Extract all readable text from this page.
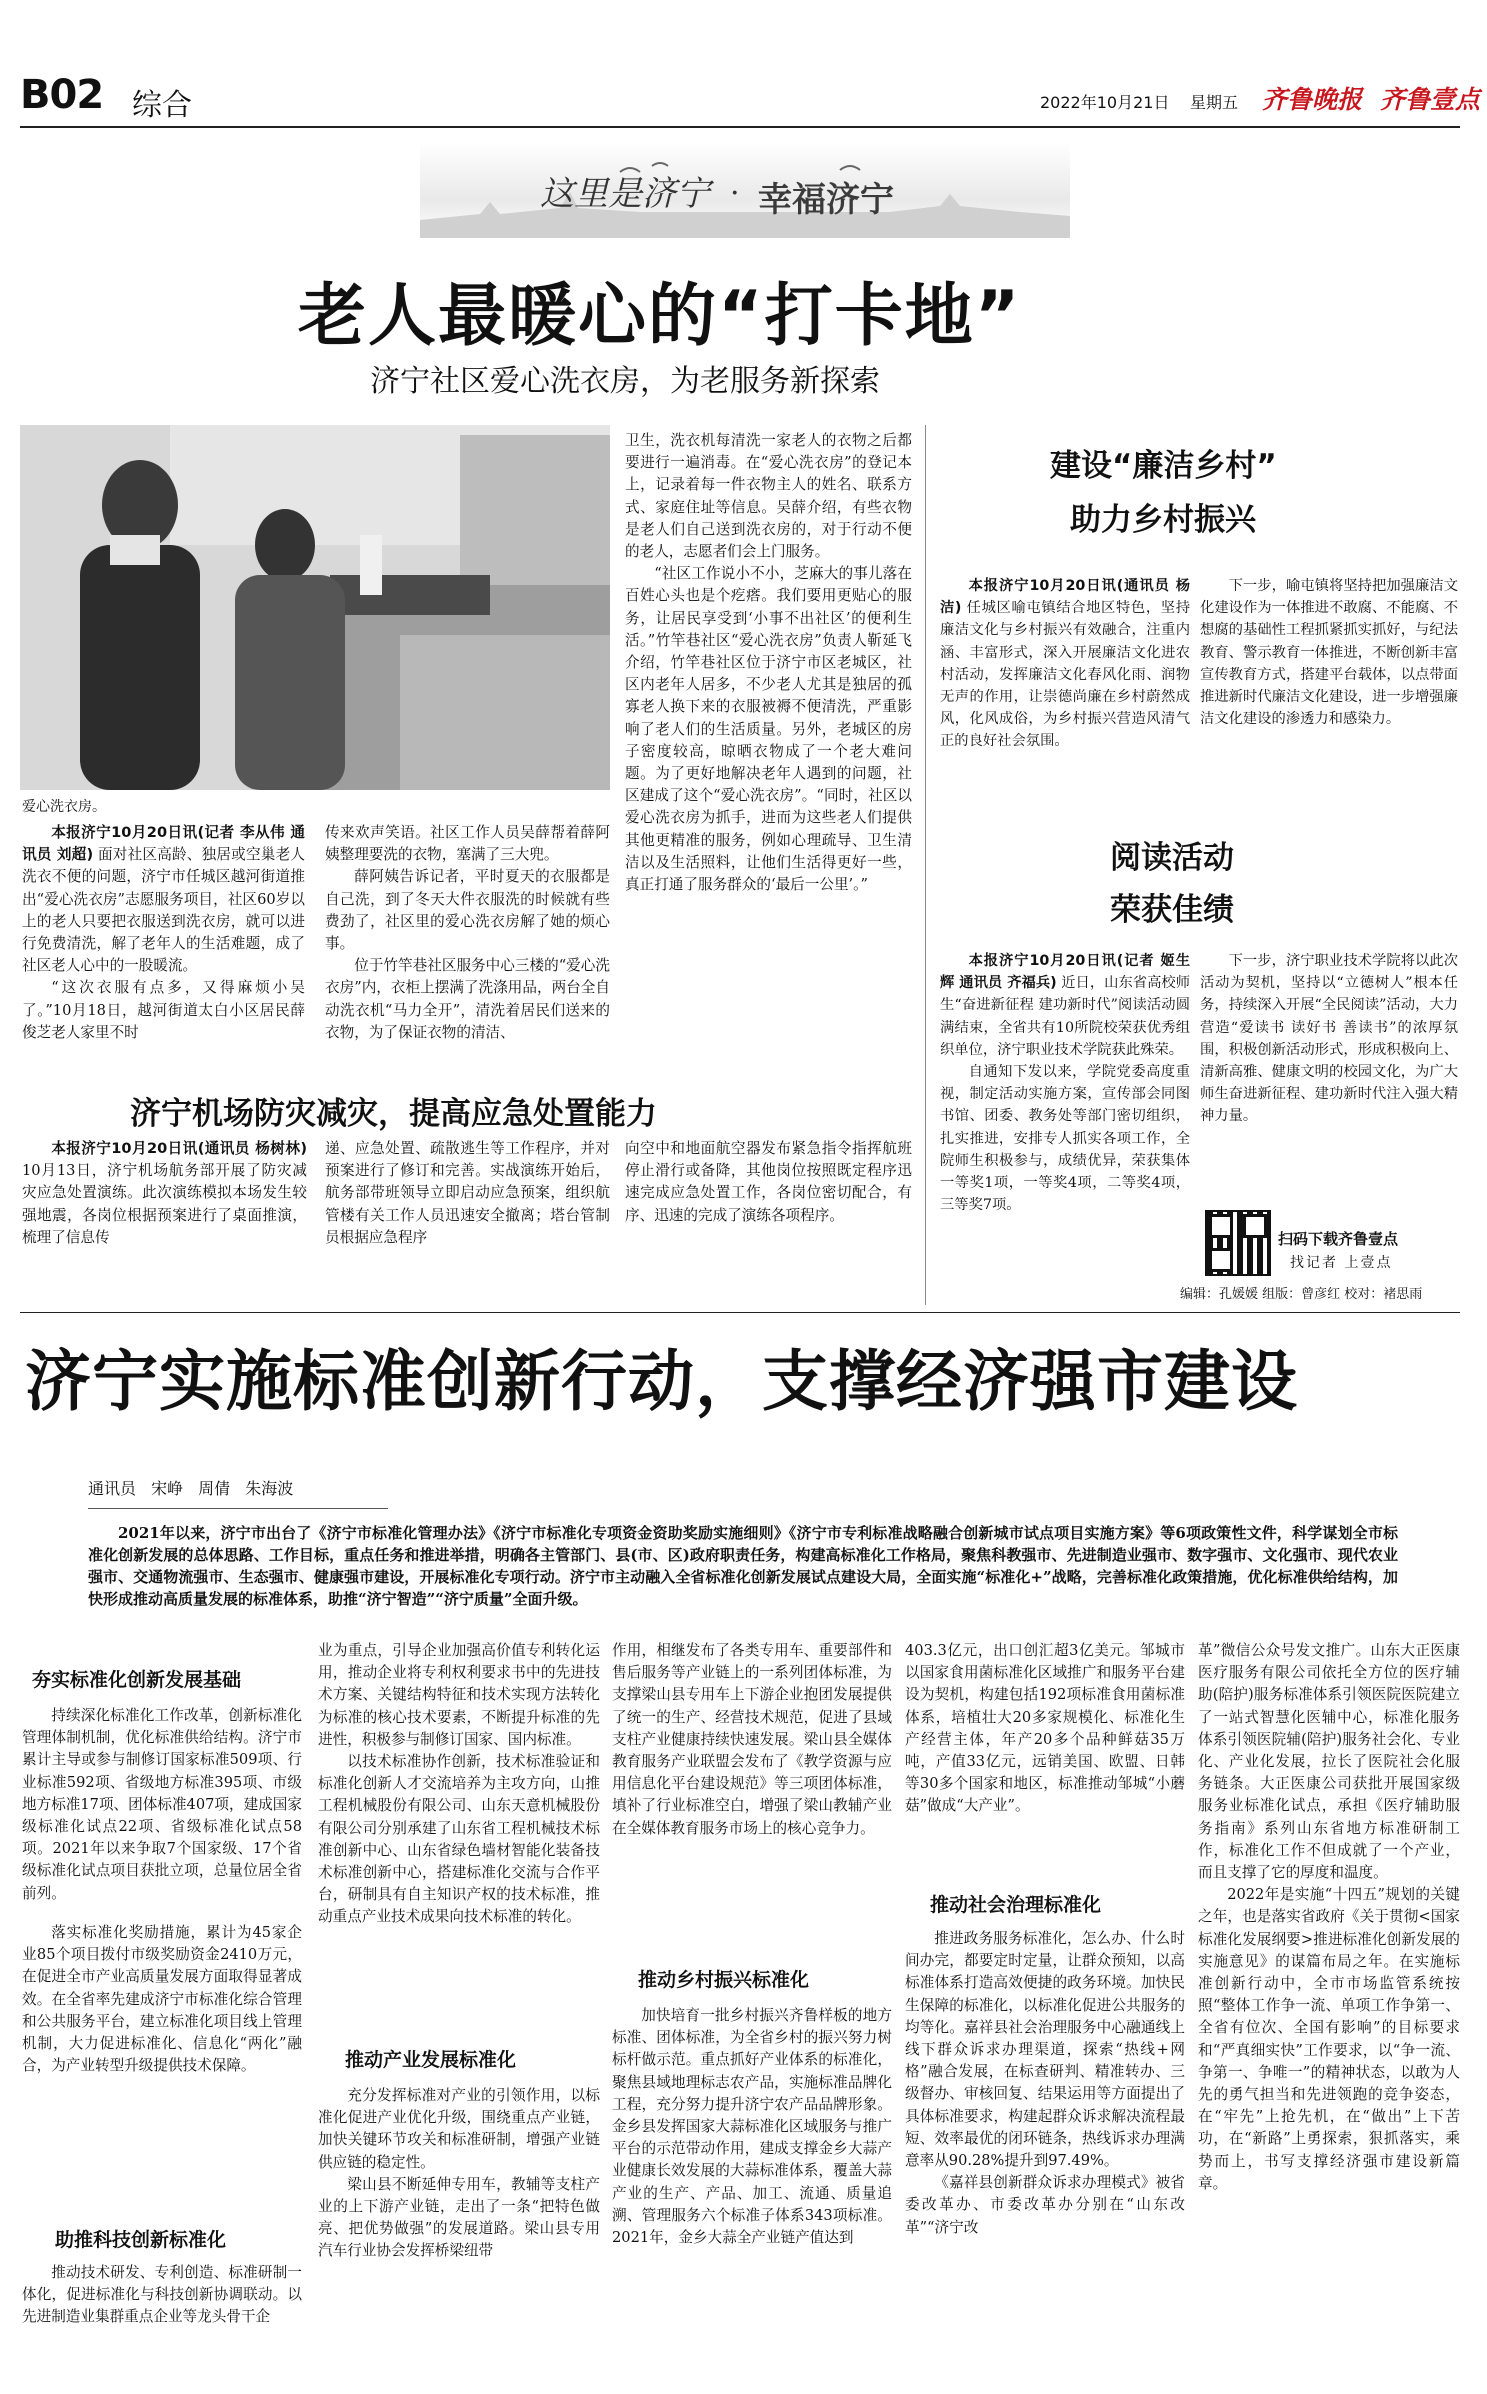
B02 综合	2022年10月21日 星期五 齐鲁晚报 齐鲁壹点
这里是济宁 · 幸福济宁
老人最暖心的“打卡地”
济宁社区爱心洗衣房，为老服务新探索
爱心洗衣房。

本报济宁10月20日讯(记者 李从伟 通讯员 刘超) 面对社区高龄、独居或空巢老人洗衣不便的问题，济宁市任城区越河街道推出“爱心洗衣房”志愿服务项目，社区60岁以上的老人只要把衣服送到洗衣房，就可以进行免费清洗，解了老年人的生活难题，成了社区老人心中的一股暖流。

“这次衣服有点多，又得麻烦小吴了。”10月18日，越河街道太白小区居民薛俊芝老人家里不时

传来欢声笑语。社区工作人员吴薛帮着薛阿姨整理要洗的衣物，塞满了三大兜。

薛阿姨告诉记者，平时夏天的衣服都是自己洗，到了冬天大件衣服洗的时候就有些费劲了，社区里的爱心洗衣房解了她的烦心事。

位于竹竿巷社区服务中心三楼的“爱心洗衣房”内，衣柜上摆满了洗涤用品，两台全自动洗衣机“马力全开”，清洗着居民们送来的衣物，为了保证衣物的清洁、

卫生，洗衣机每清洗一家老人的衣物之后都要进行一遍消毒。在“爱心洗衣房”的登记本上，记录着每一件衣物主人的姓名、联系方式、家庭住址等信息。吴薛介绍，有些衣物是老人们自己送到洗衣房的，对于行动不便的老人，志愿者们会上门服务。

“社区工作说小不小，芝麻大的事儿落在百姓心头也是个疙瘩。我们要用更贴心的服务，让居民享受到‘小事不出社区’的便利生活。”竹竿巷社区“爱心洗衣房”负责人靳延飞介绍，竹竿巷社区位于济宁市区老城区，社区内老年人居多，不少老人尤其是独居的孤寡老人换下来的衣服被褥不便清洗，严重影响了老人们的生活质量。另外，老城区的房子密度较高，晾晒衣物成了一个老大难问题。为了更好地解决老年人遇到的问题，社区建成了这个“爱心洗衣房”。“同时，社区以爱心洗衣房为抓手，进而为这些老人们提供其他更精准的服务，例如心理疏导、卫生清洁以及生活照料，让他们生活得更好一些，真正打通了服务群众的‘最后一公里’。”

济宁机场防灾减灾，提高应急处置能力

本报济宁10月20日讯(通讯员 杨树林) 10月13日，济宁机场航务部开展了防灾减灾应急处置演练。此次演练模拟本场发生较强地震，各岗位根据预案进行了桌面推演，梳理了信息传

递、应急处置、疏散逃生等工作程序，并对预案进行了修订和完善。实战演练开始后，航务部带班领导立即启动应急预案，组织航管楼有关工作人员迅速安全撤离；塔台管制员根据应急程序

向空中和地面航空器发布紧急指令指挥航班停止滑行或备降，其他岗位按照既定程序迅速完成应急处置工作，各岗位密切配合，有序、迅速的完成了演练各项程序。

建设“廉洁乡村”
助力乡村振兴

本报济宁10月20日讯(通讯员 杨洁) 任城区喻屯镇结合地区特色，坚持廉洁文化与乡村振兴有效融合，注重内涵、丰富形式，深入开展廉洁文化进农村活动，发挥廉洁文化春风化雨、润物无声的作用，让崇德尚廉在乡村蔚然成风，化风成俗，为乡村振兴营造风清气正的良好社会氛围。

下一步，喻屯镇将坚持把加强廉洁文化建设作为一体推进不敢腐、不能腐、不想腐的基础性工程抓紧抓实抓好，与纪法教育、警示教育一体推进，不断创新丰富宣传教育方式，搭建平台载体，以点带面推进新时代廉洁文化建设，进一步增强廉洁文化建设的渗透力和感染力。

阅读活动
荣获佳绩

本报济宁10月20日讯(记者 姬生辉 通讯员 齐福兵) 近日，山东省高校师生“奋进新征程 建功新时代”阅读活动圆满结束，全省共有10所院校荣获优秀组织单位，济宁职业技术学院获此殊荣。

自通知下发以来，学院党委高度重视，制定活动实施方案，宣传部会同图书馆、团委、教务处等部门密切组织，扎实推进，安排专人抓实各项工作，全院师生积极参与，成绩优异，荣获集体一等奖1项，一等奖4项，二等奖4项，三等奖7项。

下一步，济宁职业技术学院将以此次活动为契机，坚持以“立德树人”根本任务，持续深入开展“全民阅读”活动，大力营造“爱读书 读好书 善读书”的浓厚氛围，积极创新活动形式，形成积极向上、清新高雅、健康文明的校园文化，为广大师生奋进新征程、建功新时代注入强大精神力量。

扫码下载齐鲁壹点
找记者 上壹点
编辑：孔媛媛 组版：曾彦红 校对：褚思雨
济宁实施标准创新行动，支撑经济强市建设
通讯员 宋峥 周倩 朱海波

2021年以来，济宁市出台了《济宁市标准化管理办法》《济宁市标准化专项资金资助奖励实施细则》《济宁市专利标准战略融合创新城市试点项目实施方案》等6项政策性文件，科学谋划全市标准化创新发展的总体思路、工作目标，重点任务和推进举措，明确各主管部门、县(市、区)政府职责任务，构建高标准化工作格局，聚焦科教强市、先进制造业强市、数字强市、文化强市、现代农业强市、交通物流强市、生态强市、健康强市建设，开展标准化专项行动。济宁市主动融入全省标准化创新发展试点建设大局，全面实施“标准化+”战略，完善标准化政策措施，优化标准供给结构，加快形成推动高质量发展的标准体系，助推“济宁智造”“济宁质量”全面升级。

夯实标准化创新发展基础

持续深化标准化工作改革，创新标准化管理体制机制，优化标准供给结构。济宁市累计主导或参与制修订国家标准509项、行业标准592项、省级地方标准395项、市级地方标准17项、团体标准407项，建成国家级标准化试点22项、省级标准化试点58项。2021年以来争取7个国家级、17个省级标准化试点项目获批立项，总量位居全省前列。

落实标准化奖励措施，累计为45家企业85个项目拨付市级奖励资金2410万元，在促进全市产业高质量发展方面取得显著成效。在全省率先建成济宁市标准化综合管理和公共服务平台，建立标准化项目线上管理机制，大力促进标准化、信息化“两化”融合，为产业转型升级提供技术保障。

助推科技创新标准化

推动技术研发、专利创造、标准研制一体化，促进标准化与科技创新协调联动。以先进制造业集群重点企业等龙头骨干企

业为重点，引导企业加强高价值专利转化运用，推动企业将专利权利要求书中的先进技术方案、关键结构特征和技术实现方法转化为标准的核心技术要素，不断提升标准的先进性，积极参与制修订国家、国内标准。

以技术标准协作创新，技术标准验证和标准化创新人才交流培养为主攻方向，山推工程机械股份有限公司、山东天意机械股份有限公司分别承建了山东省工程机械技术标准创新中心、山东省绿色墙材智能化装备技术标准创新中心，搭建标准化交流与合作平台，研制具有自主知识产权的技术标准，推动重点产业技术成果向技术标准的转化。

推动产业发展标准化

充分发挥标准对产业的引领作用，以标准化促进产业优化升级，围绕重点产业链，加快关键环节攻关和标准研制，增强产业链供应链的稳定性。

梁山县不断延伸专用车，教辅等支柱产业的上下游产业链，走出了一条“把特色做亮、把优势做强”的发展道路。梁山县专用汽车行业协会发挥桥梁纽带

作用，相继发布了各类专用车、重要部件和售后服务等产业链上的一系列团体标准，为支撑梁山县专用车上下游企业抱团发展提供了统一的生产、经营技术规范，促进了县域支柱产业健康持续快速发展。梁山县全媒体教育服务产业联盟会发布了《教学资源与应用信息化平台建设规范》等三项团体标准，填补了行业标准空白，增强了梁山教辅产业在全媒体教育服务市场上的核心竞争力。

推动乡村振兴标准化

加快培育一批乡村振兴齐鲁样板的地方标准、团体标准，为全省乡村的振兴努力树标杆做示范。重点抓好产业体系的标准化，聚焦县域地理标志农产品，实施标准品牌化工程，充分努力提升济宁农产品品牌形象。金乡县发挥国家大蒜标准化区域服务与推广平台的示范带动作用，建成支撑金乡大蒜产业健康长效发展的大蒜标准体系，覆盖大蒜产业的生产、产品、加工、流通、质量追溯、管理服务六个标准子体系343项标准。2021年，金乡大蒜全产业链产值达到

403.3亿元，出口创汇超3亿美元。邹城市以国家食用菌标准化区域推广和服务平台建设为契机，构建包括192项标准食用菌标准体系，培植壮大20多家规模化、标准化生产经营主体，年产20多个品种鲜菇35万吨，产值33亿元，远销美国、欧盟、日韩等30多个国家和地区，标准推动邹城“小蘑菇”做成“大产业”。

推动社会治理标准化

推进政务服务标准化，怎么办、什么时间办完，都要定时定量，让群众预知，以高标准体系打造高效便捷的政务环境。加快民生保障的标准化，以标准化促进公共服务的均等化。嘉祥县社会治理服务中心融通线上线下群众诉求办理渠道，探索“热线+网格”融合发展，在标查研判、精准转办、三级督办、审核回复、结果运用等方面提出了具体标准要求，构建起群众诉求解决流程最短、效率最优的闭环链条，热线诉求办理满意率从90.28%提升到97.49%。

《嘉祥县创新群众诉求办理模式》被省委改革办、市委改革办分别在“山东改革”“济宁改

革”微信公众号发文推广。山东大正医康医疗服务有限公司依托全方位的医疗辅助(陪护)服务标准体系引领医院医院建立了一站式智慧化医辅中心，标准化服务体系引领医院辅(陪护)服务社会化、专业化、产业化发展，拉长了医院社会化服务链条。大正医康公司获批开展国家级服务业标准化试点，承担《医疗辅助服务指南》系列山东省地方标准研制工作，标准化工作不但成就了一个产业，而且支撑了它的厚度和温度。

2022年是实施“十四五”规划的关键之年，也是落实省政府《关于贯彻<国家标准化发展纲要>推进标准化创新发展的实施意见》的谋篇布局之年。在实施标准创新行动中，全市市场监管系统按照“整体工作争一流、单项工作争第一、全省有位次、全国有影响”的目标要求和“严真细实快”工作要求，以“争一流、争第一、争唯一”的精神状态，以敢为人先的勇气担当和先进领跑的竞争姿态，在“牢先”上抢先机，在“做出”上下苦功，在“新路”上勇探索，狠抓落实，乘势而上，书写支撑经济强市建设新篇章。
